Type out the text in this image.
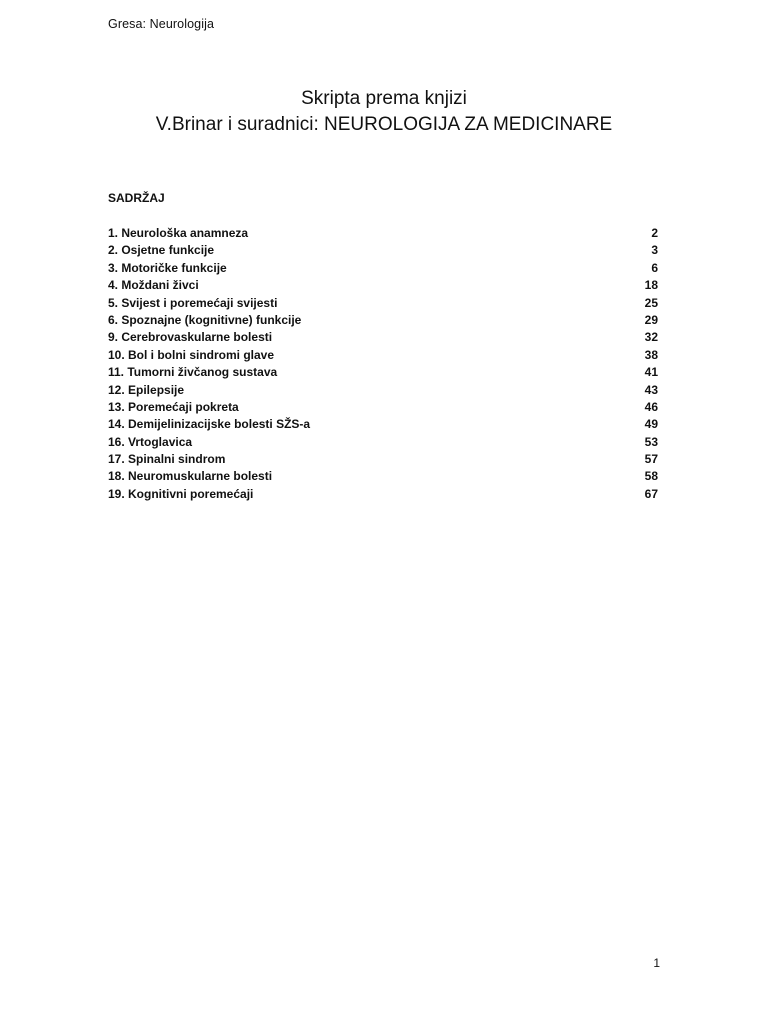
Gresa: Neurologija
Skripta prema knjizi
V.Brinar i suradnici: NEUROLOGIJA ZA MEDICINARE
SADRŽAJ
1. Neurološka anamneza	2
2. Osjetne funkcije	3
3. Motoričke funkcije	6
4. Moždani živci	18
5. Svijest i poremećaji svijesti	25
6. Spoznajne (kognitivne) funkcije	29
9. Cerebrovaskularne bolesti	32
10. Bol i bolni sindromi glave	38
11. Tumorni živčanog sustava	41
12. Epilepsije	43
13. Poremećaji pokreta	46
14. Demijelinizacijske bolesti SŽS-a	49
16. Vrtoglavica	53
17. Spinalni sindrom	57
18. Neuromuskularne bolesti	58
19. Kognitivni poremećaji	67
1
